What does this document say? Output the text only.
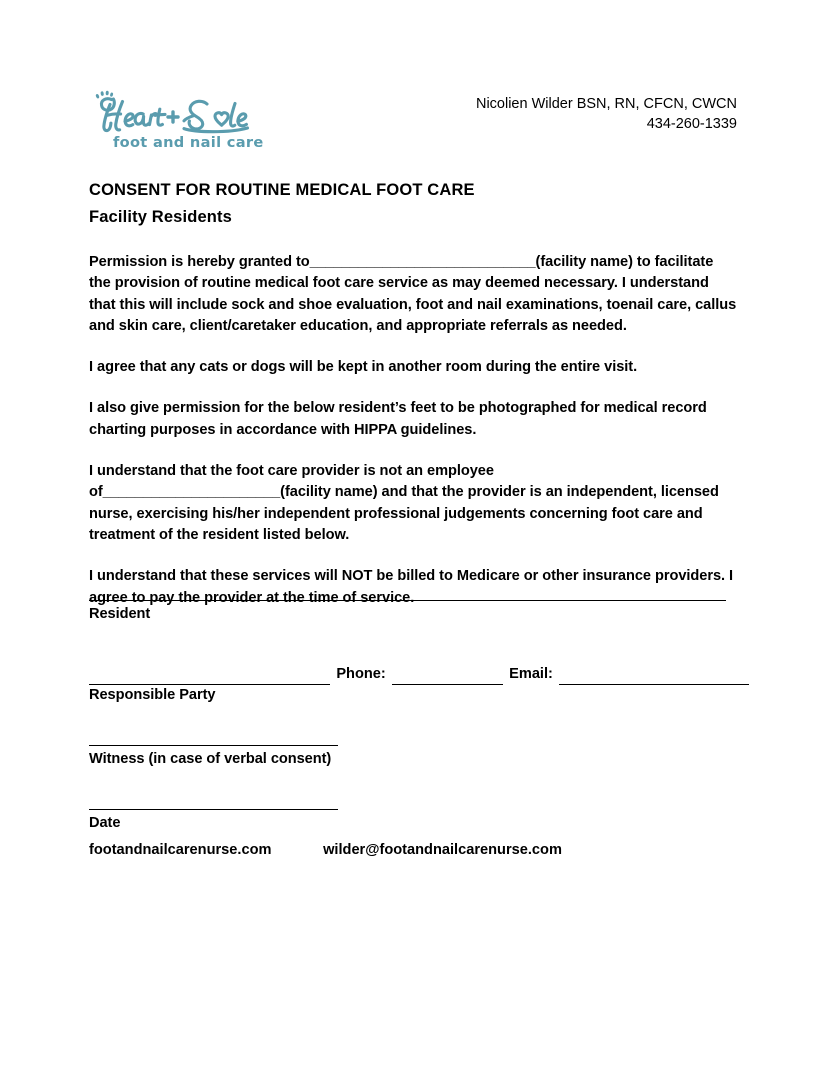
foot and nail care
Nicolien Wilder BSN, RN, CFCN, CWCN
434-260-1339
CONSENT FOR ROUTINE MEDICAL FOOT CARE
Facility Residents

Permission is hereby granted to____________________________(facility name) to facilitate the provision of routine medical foot care service as may deemed necessary. I understand that this will include sock and shoe evaluation, foot and nail examinations, toenail care, callus and skin care, client/caretaker education, and appropriate referrals as needed.

I agree that any cats or dogs will be kept in another room during the entire visit.

I also give permission for the below resident’s feet to be photographed for medical record charting purposes in accordance with HIPPA guidelines.

I understand that the foot care provider is not an employee of______________________(facility name) and that the provider is an independent, licensed nurse, exercising his/her independent professional judgements concerning foot care and treatment of the resident listed below.

I understand that these services will NOT be billed to Medicare or other insurance providers. I agree to pay the provider at the time of service.

Resident
Phone:	Email:
Responsible Party
Witness (in case of verbal consent)
Date
footandnailcarenurse.com	wilder@footandnailcarenurse.com
